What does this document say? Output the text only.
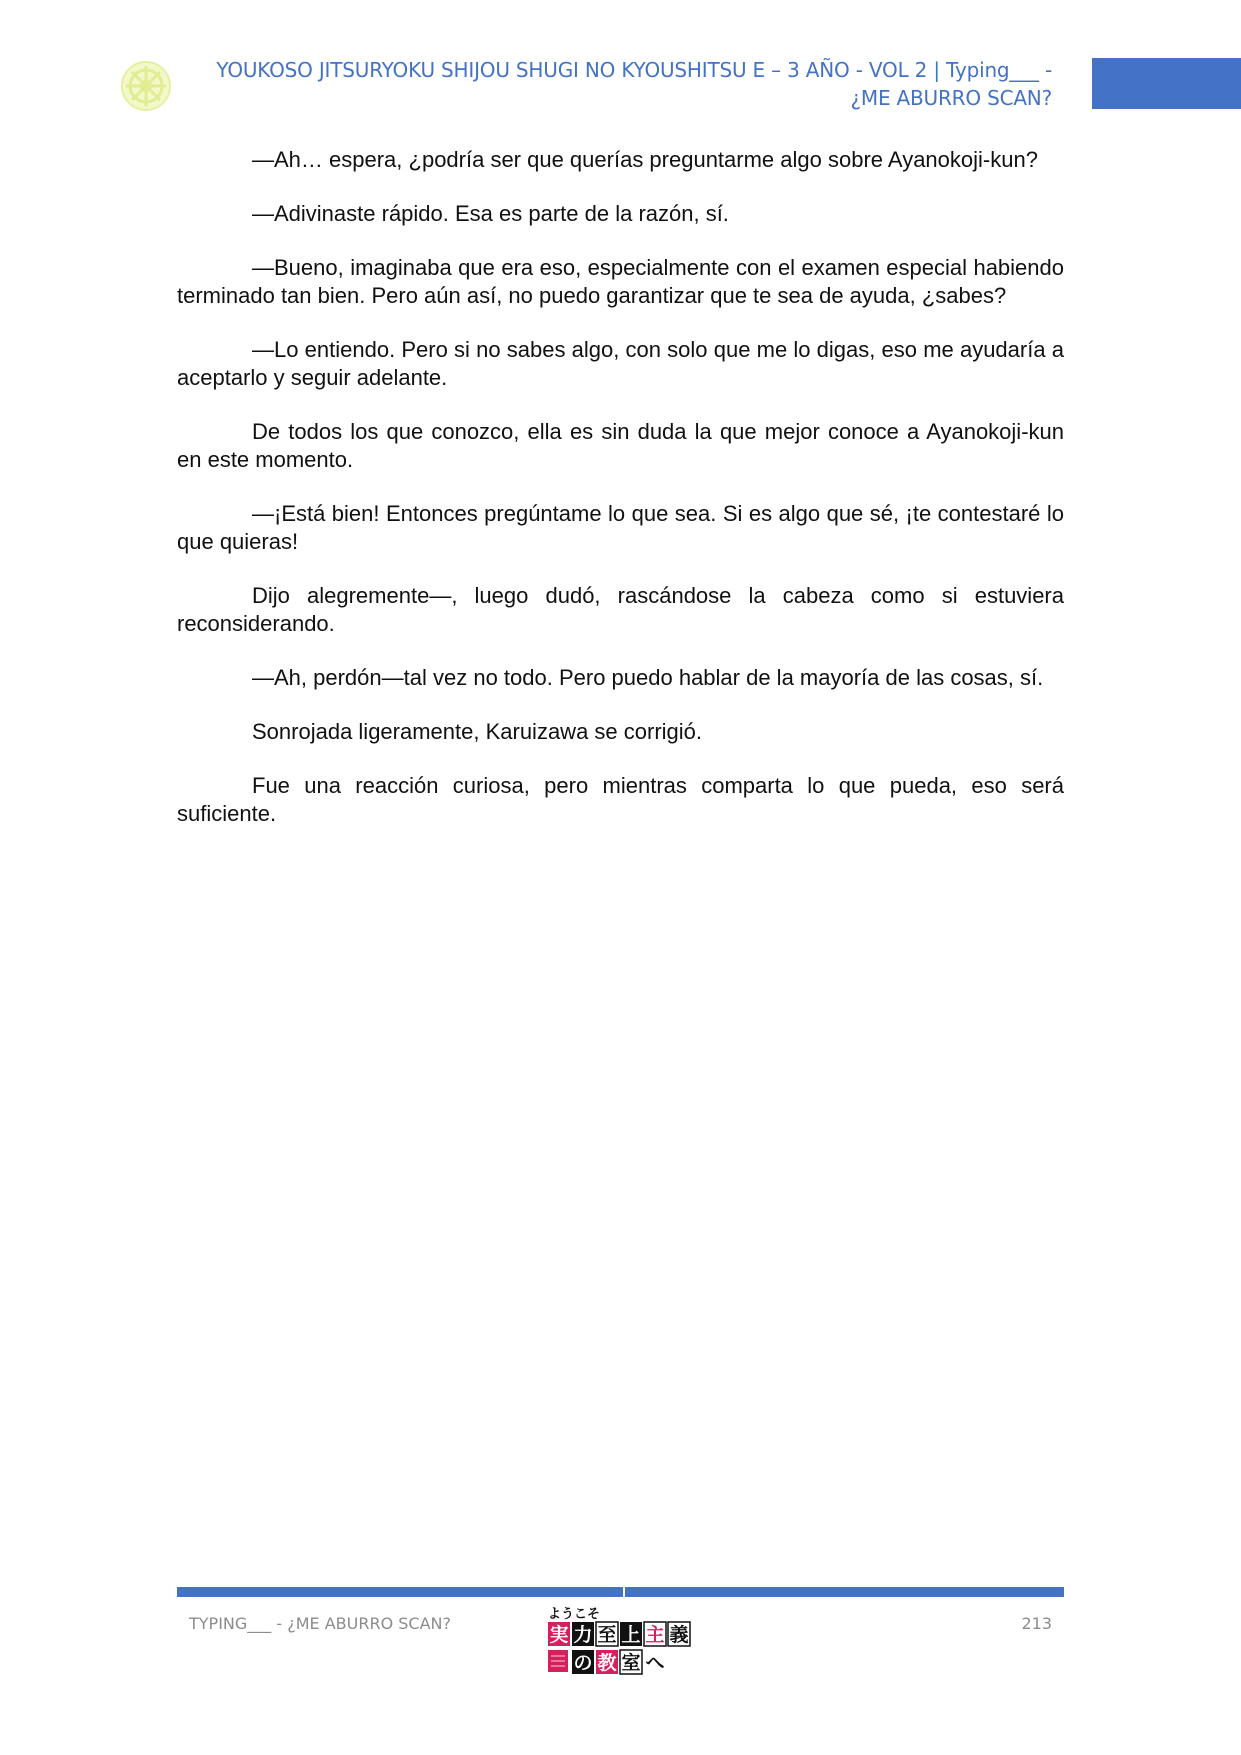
YOUKOSO JITSURYOKU SHIJOU SHUGI NO KYOUSHITSU E – 3 AÑO - VOL 2 | Typing___ - ¿ME ABURRO SCAN?

—Ah… espera, ¿podría ser que querías preguntarme algo sobre Ayanokoji-kun?

—Adivinaste rápido. Esa es parte de la razón, sí.

—Bueno, imaginaba que era eso, especialmente con el examen especial habiendo terminado tan bien. Pero aún así, no puedo garantizar que te sea de ayuda, ¿sabes?

—Lo entiendo. Pero si no sabes algo, con solo que me lo digas, eso me ayudaría a aceptarlo y seguir adelante.

De todos los que conozco, ella es sin duda la que mejor conoce a Ayanokoji-kun en este momento.

—¡Está bien! Entonces pregúntame lo que sea. Si es algo que sé, ¡te contestaré lo que quieras!

Dijo alegremente—, luego dudó, rascándose la cabeza como si estuviera reconsiderando.

—Ah, perdón—tal vez no todo. Pero puedo hablar de la mayoría de las cosas, sí.

Sonrojada ligeramente, Karuizawa se corrigió.

Fue una reacción curiosa, pero mientras comparta lo que pueda, eso será suficiente.

TYPING___ - ¿ME ABURRO SCAN?	213
ようこそ
実 力 至 上 主 義
の 教 室 へ
